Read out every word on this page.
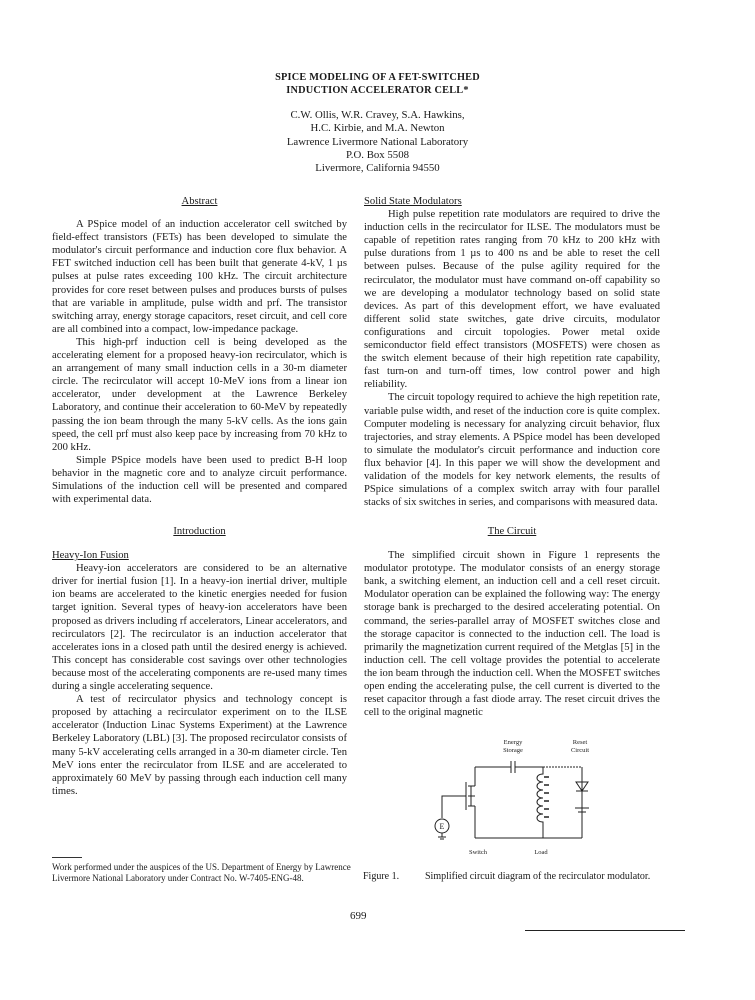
SPICE MODELING OF A FET-SWITCHED
INDUCTION ACCELERATOR CELL*
C.W. Ollis, W.R. Cravey, S.A. Hawkins,
H.C. Kirbie, and M.A. Newton
Lawrence Livermore National Laboratory
P.O. Box 5508
Livermore, California 94550
Abstract

A PSpice model of an induction accelerator cell switched by field-effect transistors (FETs) has been developed to simulate the modulator's circuit performance and induction core flux behavior. A FET switched induction cell has been built that generate 4-kV, 1 µs pulses at pulse rates exceeding 100 kHz. The circuit architecture provides for core reset between pulses and produces bursts of pulses that are variable in amplitude, pulse width and prf. The transistor switching array, energy storage capacitors, reset circuit, and cell core are all combined into a compact, low-impedance package.

This high-prf induction cell is being developed as the accelerating element for a proposed heavy-ion recirculator, which is an arrangement of many small induction cells in a 30-m diameter circle. The recirculator will accept 10-MeV ions from a linear ion accelerator, under development at the Lawrence Berkeley Laboratory, and continue their acceleration to 60-MeV by repeatedly passing the ion beam through the many 5-kV cells. As the ions gain speed, the cell prf must also keep pace by increasing from 70 kHz to 200 kHz.

Simple PSpice models have been used to predict B-H loop behavior in the magnetic core and to analyze circuit performance. Simulations of the induction cell will be presented and compared with experimental data.

Introduction
Heavy-Ion Fusion

Heavy-ion accelerators are considered to be an alternative driver for inertial fusion [1]. In a heavy-ion inertial driver, multiple ion beams are accelerated to the kinetic energies needed for fusion target ignition. Several types of heavy-ion accelerators have been proposed as drivers including rf accelerators, Linear accelerators, and recirculators [2]. The recirculator is an induction accelerator that accelerates ions in a closed path until the desired energy is achieved. This concept has considerable cost savings over other technologies because most of the accelerating components are re-used many times during a single accelerating sequence.

A test of recirculator physics and technology concept is proposed by attaching a recirculator experiment on to the ILSE accelerator (Induction Linac Systems Experiment) at the Lawrence Berkeley Laboratory (LBL) [3]. The proposed recirculator consists of many 5-kV accelerating cells arranged in a 30-m diameter circle. Ten MeV ions enter the recirculator from ILSE and are accelerated to approximately 60 MeV by passing through each induction cell many times.

Solid State Modulators

High pulse repetition rate modulators are required to drive the induction cells in the recirculator for ILSE. The modulators must be capable of repetition rates ranging from 70 kHz to 200 kHz with pulse durations from 1 µs to 400 ns and be able to reset the cell between pulses. Because of the pulse agility required for the recirculator, the modulator must have command on-off capability so we are developing a modulator technology based on solid state devices. As part of this development effort, we have evaluated different solid state switches, gate drive circuits, modulator configurations and circuit topologies. Power metal oxide semiconductor field effect transistors (MOSFETS) were chosen as the switch element because of their high repetition rate capability, fast turn-on and turn-off times, low control power and high reliability.

The circuit topology required to achieve the high repetition rate, variable pulse width, and reset of the induction core is quite complex. Computer modeling is necessary for analyzing circuit behavior, flux trajectories, and stray elements. A PSpice model has been developed to simulate the modulator's circuit performance and induction core flux behavior [4]. In this paper we will show the development and validation of the models for key network elements, the results of PSpice simulations of a complex switch array with four parallel stacks of six switches in series, and comparisons with measured data.

The Circuit

The simplified circuit shown in Figure 1 represents the modulator prototype. The modulator consists of an energy storage bank, a switching element, an induction cell and a cell reset circuit. Modulator operation can be explained the following way: The energy storage bank is precharged to the desired accelerating potential. On command, the series-parallel array of MOSFET switches close and the storage capacitor is connected to the induction cell. The load is primarily the magnetization current required of the Metglas [5] in the induction cell. The cell voltage provides the potential to accelerate the ion beam through the induction cell. When the MOSFET switches open ending the accelerating pulse, the cell current is diverted to the reset capacitor through a fast diode array. The reset circuit drives the cell to the original magnetic

E
Energy
Storage
Reset
Circuit
Switch	Load
Figure 1.	Simplified circuit diagram of the recirculator modulator.
Work performed under the auspices of the US. Department of Energy by Lawrence Livermore National Laboratory under Contract No. W-7405-ENG-48.
699
